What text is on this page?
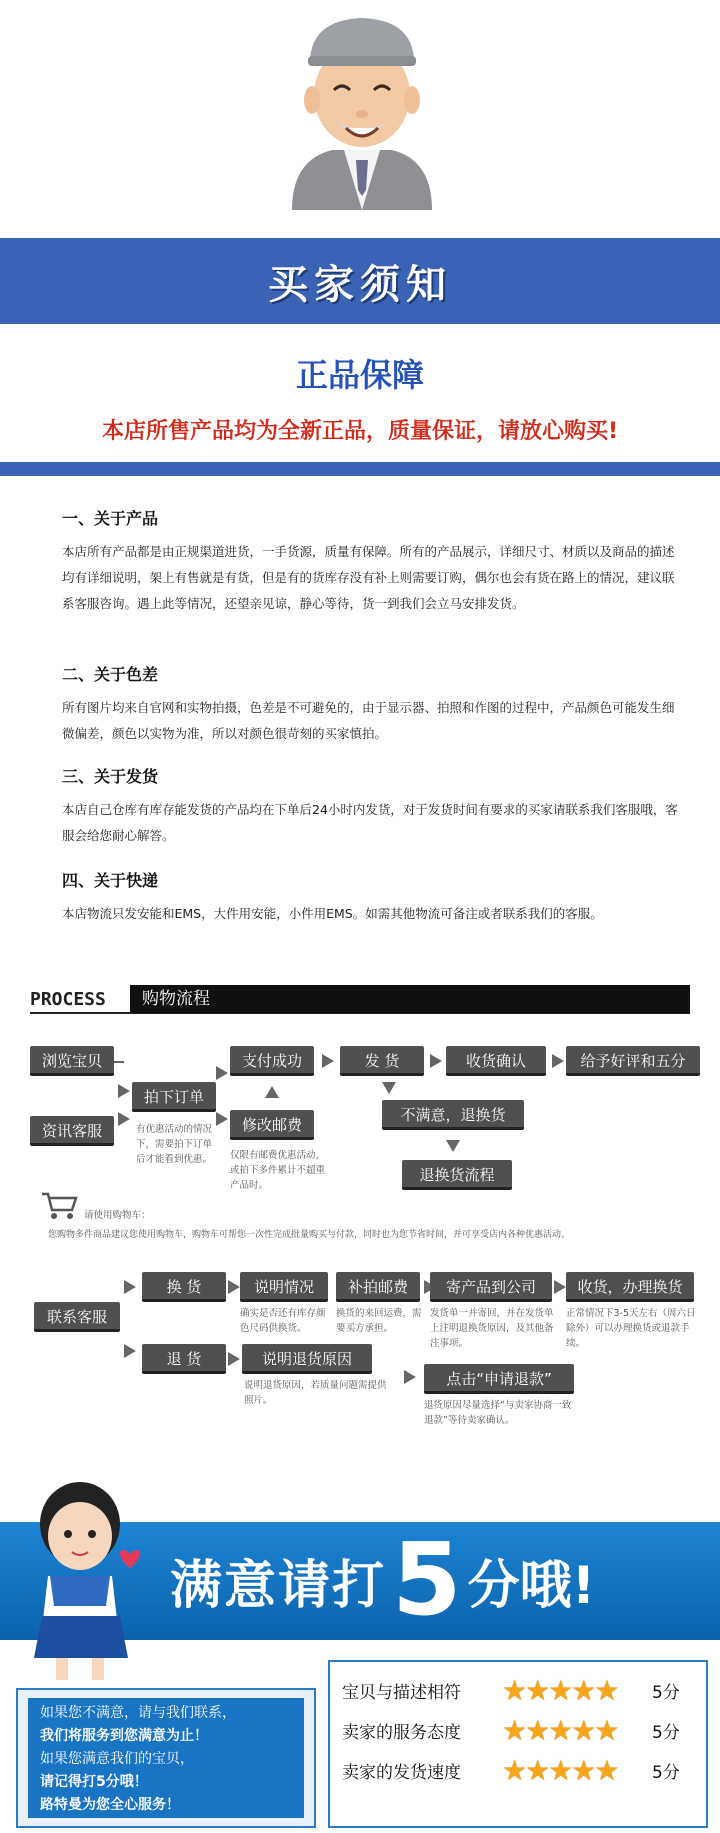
买家须知
正品保障
本店所售产品均为全新正品，质量保证，请放心购买!
一、关于产品

本店所有产品都是由正规渠道进货，一手货源，质量有保障。所有的产品展示，详细尺寸、材质以及商品的描述均有详细说明，架上有售就是有货，但是有的货库存没有补上则需要订购，偶尔也会有货在路上的情况，建议联系客服咨询。遇上此等情况，还望亲见谅，静心等待，货一到我们会立马安排发货。

二、关于色差

所有图片均来自官网和实物拍摄，色差是不可避免的，由于显示器、拍照和作图的过程中，产品颜色可能发生细微偏差，颜色以实物为准，所以对颜色很苛刻的买家慎拍。

三、关于发货

本店自己仓库有库存能发货的产品均在下单后24小时内发货，对于发货时间有要求的买家请联系我们客服哦，客服会给您耐心解答。

四、关于快递

本店物流只发安能和EMS，大件用安能，小件用EMS。如需其他物流可备注或者联系我们的客服。

PROCESS	购物流程
浏览宝贝
资讯客服
拍下订单
有优惠活动的情况下，需要拍下订单后才能看到优惠。
支付成功
修改邮费
仅限有邮费优惠活动，或拍下多件累计不超重产品时。
发 货	收货确认	给予好评和五分
不满意，退换货
退换货流程
请使用购物车：
您购物多件商品建议您使用购物车，购物车可帮您一次性完成批量购买与付款，同时也为您节省时间，并可享受店内各种优惠活动。
联系客服
换 货	说明情况
确实是否还有库存颜色尺码供换货。
补拍邮费
换货的来回运费，需要买方承担。
寄产品到公司
发货单一并寄回，并在发货单上注明退换货原因，及其他备注事项。
收货，办理换货
正常情况下3-5天左右（周六日除外）可以办理换货或退款手续。
退 货	说明退货原因
说明退货原因，若质量问题需提供照片。
点击“申请退款”
退货原因尽量选择“与卖家协商一致退款”等待卖家确认。
满意请打 5 分哦!
如果您不满意，请与我们联系，
我们将服务到您满意为止！
如果您满意我们的宝贝，
请记得打5分哦！
路特曼为您全心服务！
宝贝与描述相符	★★★★★	5分
卖家的服务态度	★★★★★	5分
卖家的发货速度	★★★★★	5分
